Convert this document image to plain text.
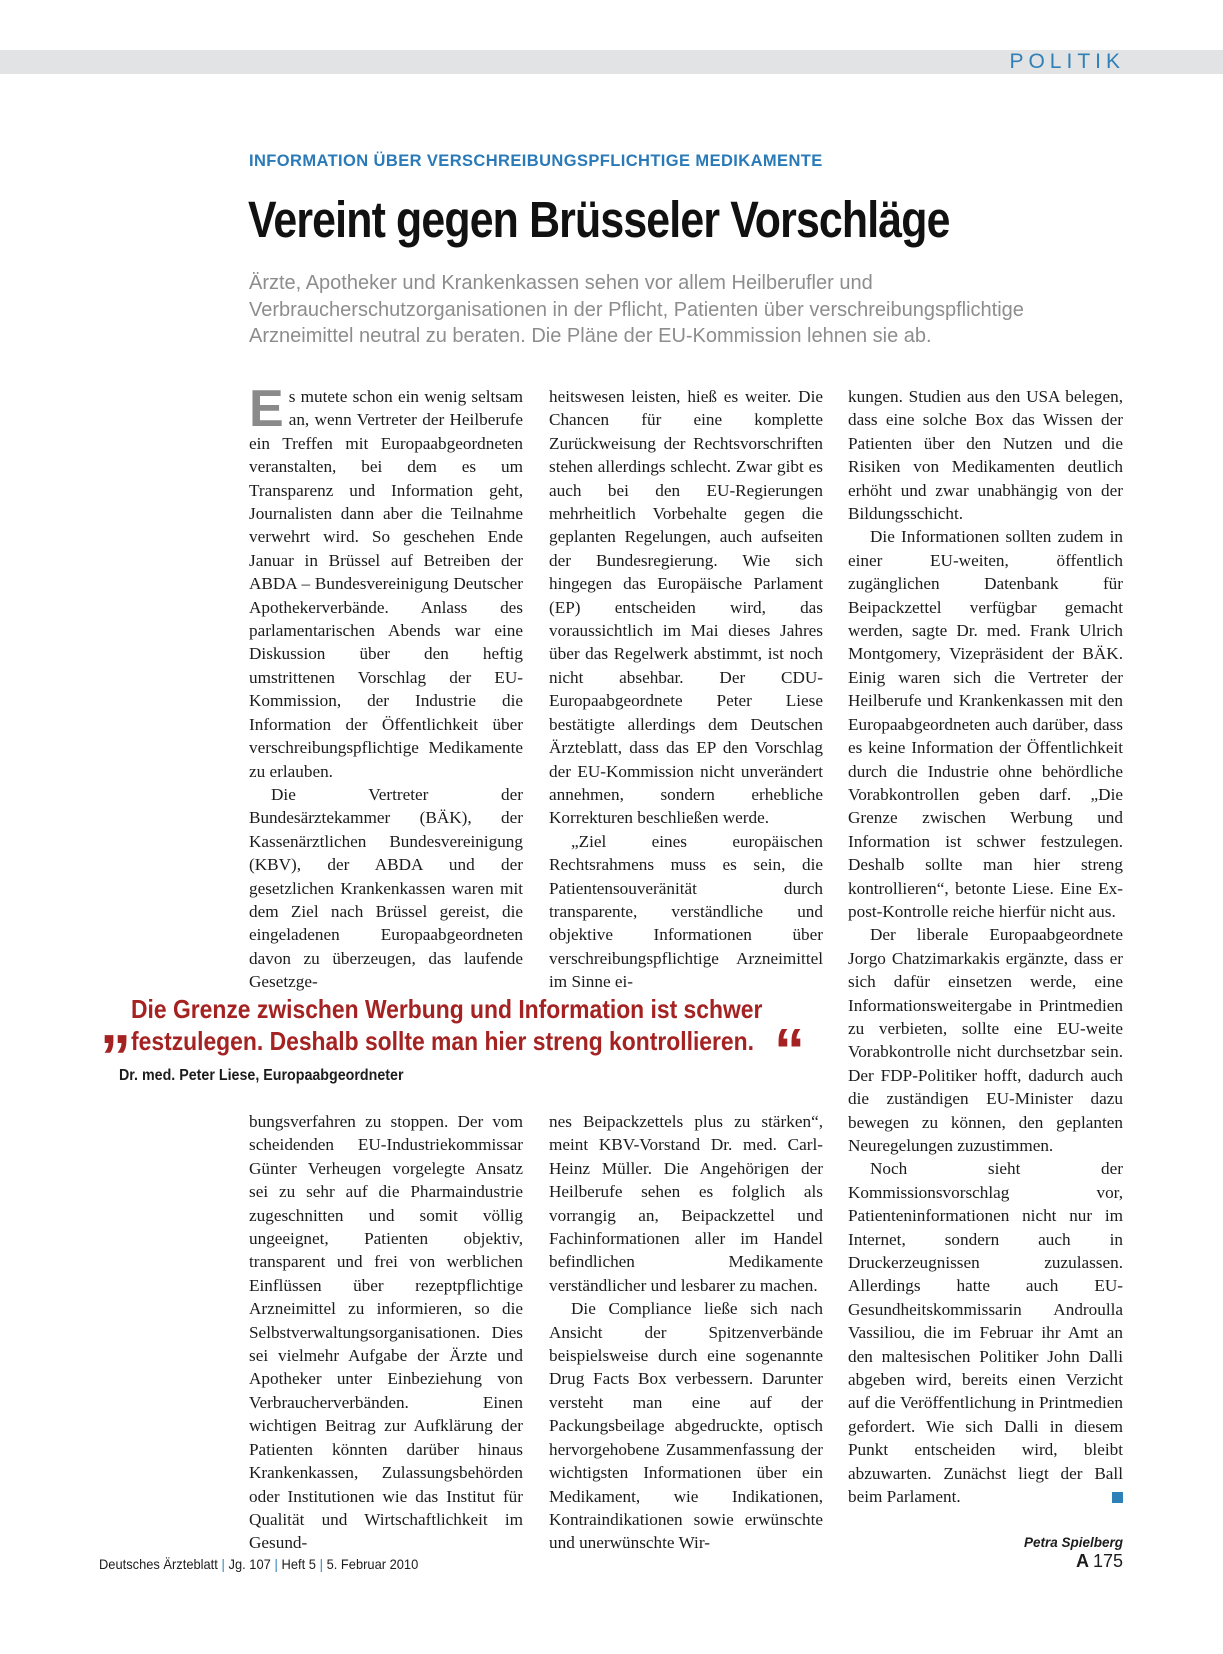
POLITIK
INFORMATION ÜBER VERSCHREIBUNGSPFLICHTIGE MEDIKAMENTE
Vereint gegen Brüsseler Vorschläge
Ärzte, Apotheker und Krankenkassen sehen vor allem Heilberufler und Verbraucherschutzorganisationen in der Pflicht, Patienten über verschreibungspflichtige Arzneimittel neutral zu beraten. Die Pläne der EU-Kommission lehnen sie ab.

Es mutete schon ein wenig seltsam an, wenn Vertreter der Heilberufe ein Treffen mit Europaabgeordneten veranstalten, bei dem es um Transparenz und Information geht, Journalisten dann aber die Teilnahme verwehrt wird. So geschehen Ende Januar in Brüssel auf Betreiben der ABDA – Bundesvereinigung Deutscher Apothekerverbände. Anlass des parlamentarischen Abends war eine Diskussion über den heftig umstrittenen Vorschlag der EU-Kommission, der Industrie die Information der Öffentlichkeit über verschreibungspflichtige Medikamente zu erlauben.

Die Vertreter der Bundesärztekammer (BÄK), der Kassenärztlichen Bundesvereinigung (KBV), der ABDA und der gesetzlichen Krankenkassen waren mit dem Ziel nach Brüssel gereist, die eingeladenen Europaabgeordneten davon zu überzeugen, das laufende Gesetzge-

heitswesen leisten, hieß es weiter. Die Chancen für eine komplette Zurückweisung der Rechtsvorschriften stehen allerdings schlecht. Zwar gibt es auch bei den EU-Regierungen mehrheitlich Vorbehalte gegen die geplanten Regelungen, auch aufseiten der Bundesregierung. Wie sich hingegen das Europäische Parlament (EP) entscheiden wird, das voraussichtlich im Mai dieses Jahres über das Regelwerk abstimmt, ist noch nicht absehbar. Der CDU-Europaabgeordnete Peter Liese bestätigte allerdings dem Deutschen Ärzteblatt, dass das EP den Vorschlag der EU-Kommission nicht unverändert annehmen, sondern erhebliche Korrekturen beschließen werde.

„Ziel eines europäischen Rechtsrahmens muss es sein, die Patientensouveränität durch transparente, verständliche und objektive Informationen über verschreibungspflichtige Arzneimittel im Sinne ei-

kungen. Studien aus den USA belegen, dass eine solche Box das Wissen der Patienten über den Nutzen und die Risiken von Medikamenten deutlich erhöht und zwar unabhängig von der Bildungsschicht.

Die Informationen sollten zudem in einer EU-weiten, öffentlich zugänglichen Datenbank für Beipackzettel verfügbar gemacht werden, sagte Dr. med. Frank Ulrich Montgomery, Vizepräsident der BÄK. Einig waren sich die Vertreter der Heilberufe und Krankenkassen mit den Europaabgeordneten auch darüber, dass es keine Information der Öffentlichkeit durch die Industrie ohne behördliche Vorabkontrollen geben darf. „Die Grenze zwischen Werbung und Information ist schwer festzulegen. Deshalb sollte man hier streng kontrollieren“, betonte Liese. Eine Ex-post-Kontrolle reiche hierfür nicht aus.

Der liberale Europaabgeordnete Jorgo Chatzimarkakis ergänzte, dass er sich dafür einsetzen werde, eine Informationsweitergabe in Printmedien zu verbieten, sollte eine EU-weite Vorabkontrolle nicht durchsetzbar sein. Der FDP-Politiker hofft, dadurch auch die zuständigen EU-Minister dazu bewegen zu können, den geplanten Neuregelungen zuzustimmen.

Noch sieht der Kommissionsvorschlag vor, Patienteninformationen nicht nur im Internet, sondern auch in Druckerzeugnissen zuzulassen. Allerdings hatte auch EU-Gesundheitskommissarin Androulla Vassiliou, die im Februar ihr Amt an den maltesischen Politiker John Dalli abgeben wird, bereits einen Verzicht auf die Veröffentlichung in Printmedien gefordert. Wie sich Dalli in diesem Punkt entscheiden wird, bleibt abzuwarten. Zunächst liegt der Ball beim Parlament.

„ Die Grenze zwischen Werbung und Information ist schwer
festzulegen. Deshalb sollte man hier streng kontrollieren. “
Dr. med. Peter Liese, Europaabgeordneter

bungsverfahren zu stoppen. Der vom scheidenden EU-Industriekommissar Günter Verheugen vorgelegte Ansatz sei zu sehr auf die Pharmaindustrie zugeschnitten und somit völlig ungeeignet, Patienten objektiv, transparent und frei von werblichen Einflüssen über rezeptpflichtige Arzneimittel zu informieren, so die Selbstverwaltungsorganisationen. Dies sei vielmehr Aufgabe der Ärzte und Apotheker unter Einbeziehung von Verbraucherverbänden. Einen wichtigen Beitrag zur Aufklärung der Patienten könnten darüber hinaus Krankenkassen, Zulassungsbehörden oder Institutionen wie das Institut für Qualität und Wirtschaftlichkeit im Gesund-

nes Beipackzettels plus zu stärken“, meint KBV-Vorstand Dr. med. Carl-Heinz Müller. Die Angehörigen der Heilberufe sehen es folglich als vorrangig an, Beipackzettel und Fachinformationen aller im Handel befindlichen Medikamente verständlicher und lesbarer zu machen.

Die Compliance ließe sich nach Ansicht der Spitzenverbände beispielsweise durch eine sogenannte Drug Facts Box verbessern. Darunter versteht man eine auf der Packungsbeilage abgedruckte, optisch hervorgehobene Zusammenfassung der wichtigsten Informationen über ein Medikament, wie Indikationen, Kontraindikationen sowie erwünschte und unerwünschte Wir-	Petra Spielberg
Deutsches Ärzteblatt | Jg. 107 | Heft 5 | 5. Februar 2010	A 175
